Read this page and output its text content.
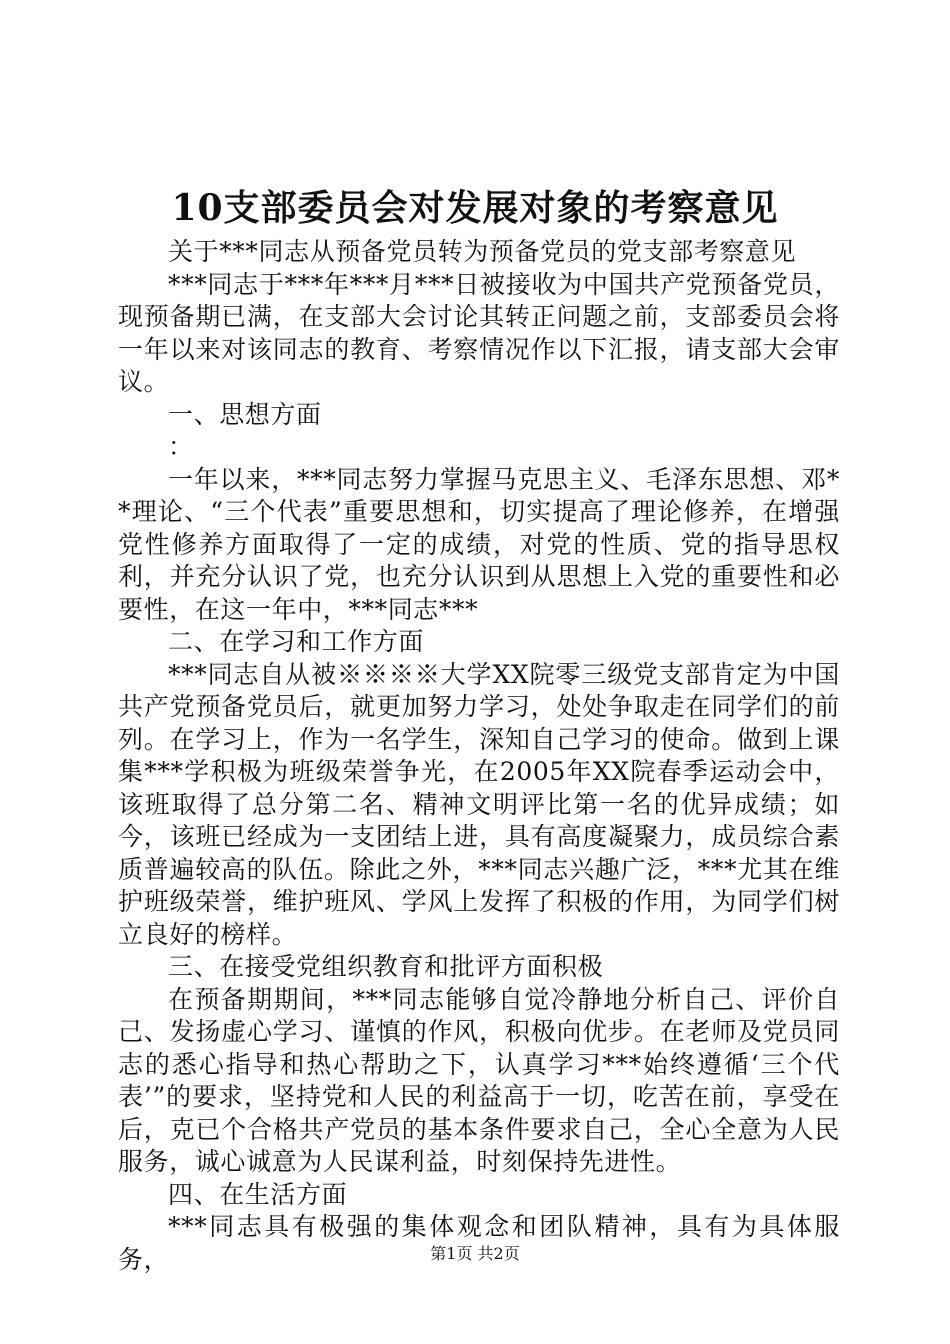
10支部委员会对发展对象的考察意见

关于***同志从预备党员转为预备党员的党支部考察意见

***同志于***年***月***日被接收为中国共产党预备党员，现预备期已满，在支部大会讨论其转正问题之前，支部委员会将一年以来对该同志的教育、考察情况作以下汇报，请支部大会审议。

一、思想方面

：

一年以来，***同志努力掌握马克思主义、毛泽东思想、邓**理论、“三个代表”重要思想和，切实提高了理论修养，在增强党性修养方面取得了一定的成绩，对党的性质、党的指导思权利，并充分认识了党，也充分认识到从思想上入党的重要性和必要性，在这一年中，***同志***

二、在学习和工作方面

***同志自从被※※※※大学XX院零三级党支部肯定为中国共产党预备党员后，就更加努力学习，处处争取走在同学们的前列。在学习上，作为一名学生，深知自己学习的使命。做到上课集***学积极为班级荣誉争光，在2005年XX院春季运动会中，该班取得了总分第二名、精神文明评比第一名的优异成绩；如今，该班已经成为一支团结上进，具有高度凝聚力，成员综合素质普遍较高的队伍。除此之外，***同志兴趣广泛，***尤其在维护班级荣誉，维护班风、学风上发挥了积极的作用，为同学们树立良好的榜样。

三、在接受党组织教育和批评方面积极

在预备期期间，***同志能够自觉冷静地分析自己、评价自己、发扬虚心学习、谨慎的作风，积极向优步。在老师及党员同志的悉心指导和热心帮助之下，认真学习***始终遵循‘三个代表’”的要求，坚持党和人民的利益高于一切，吃苦在前，享受在后，克已个合格共产党员的基本条件要求自己，全心全意为人民服务，诚心诚意为人民谋利益，时刻保持先进性。

四、在生活方面

***同志具有极强的集体观念和团队精神，具有为具体服务，	第1页 共2页
